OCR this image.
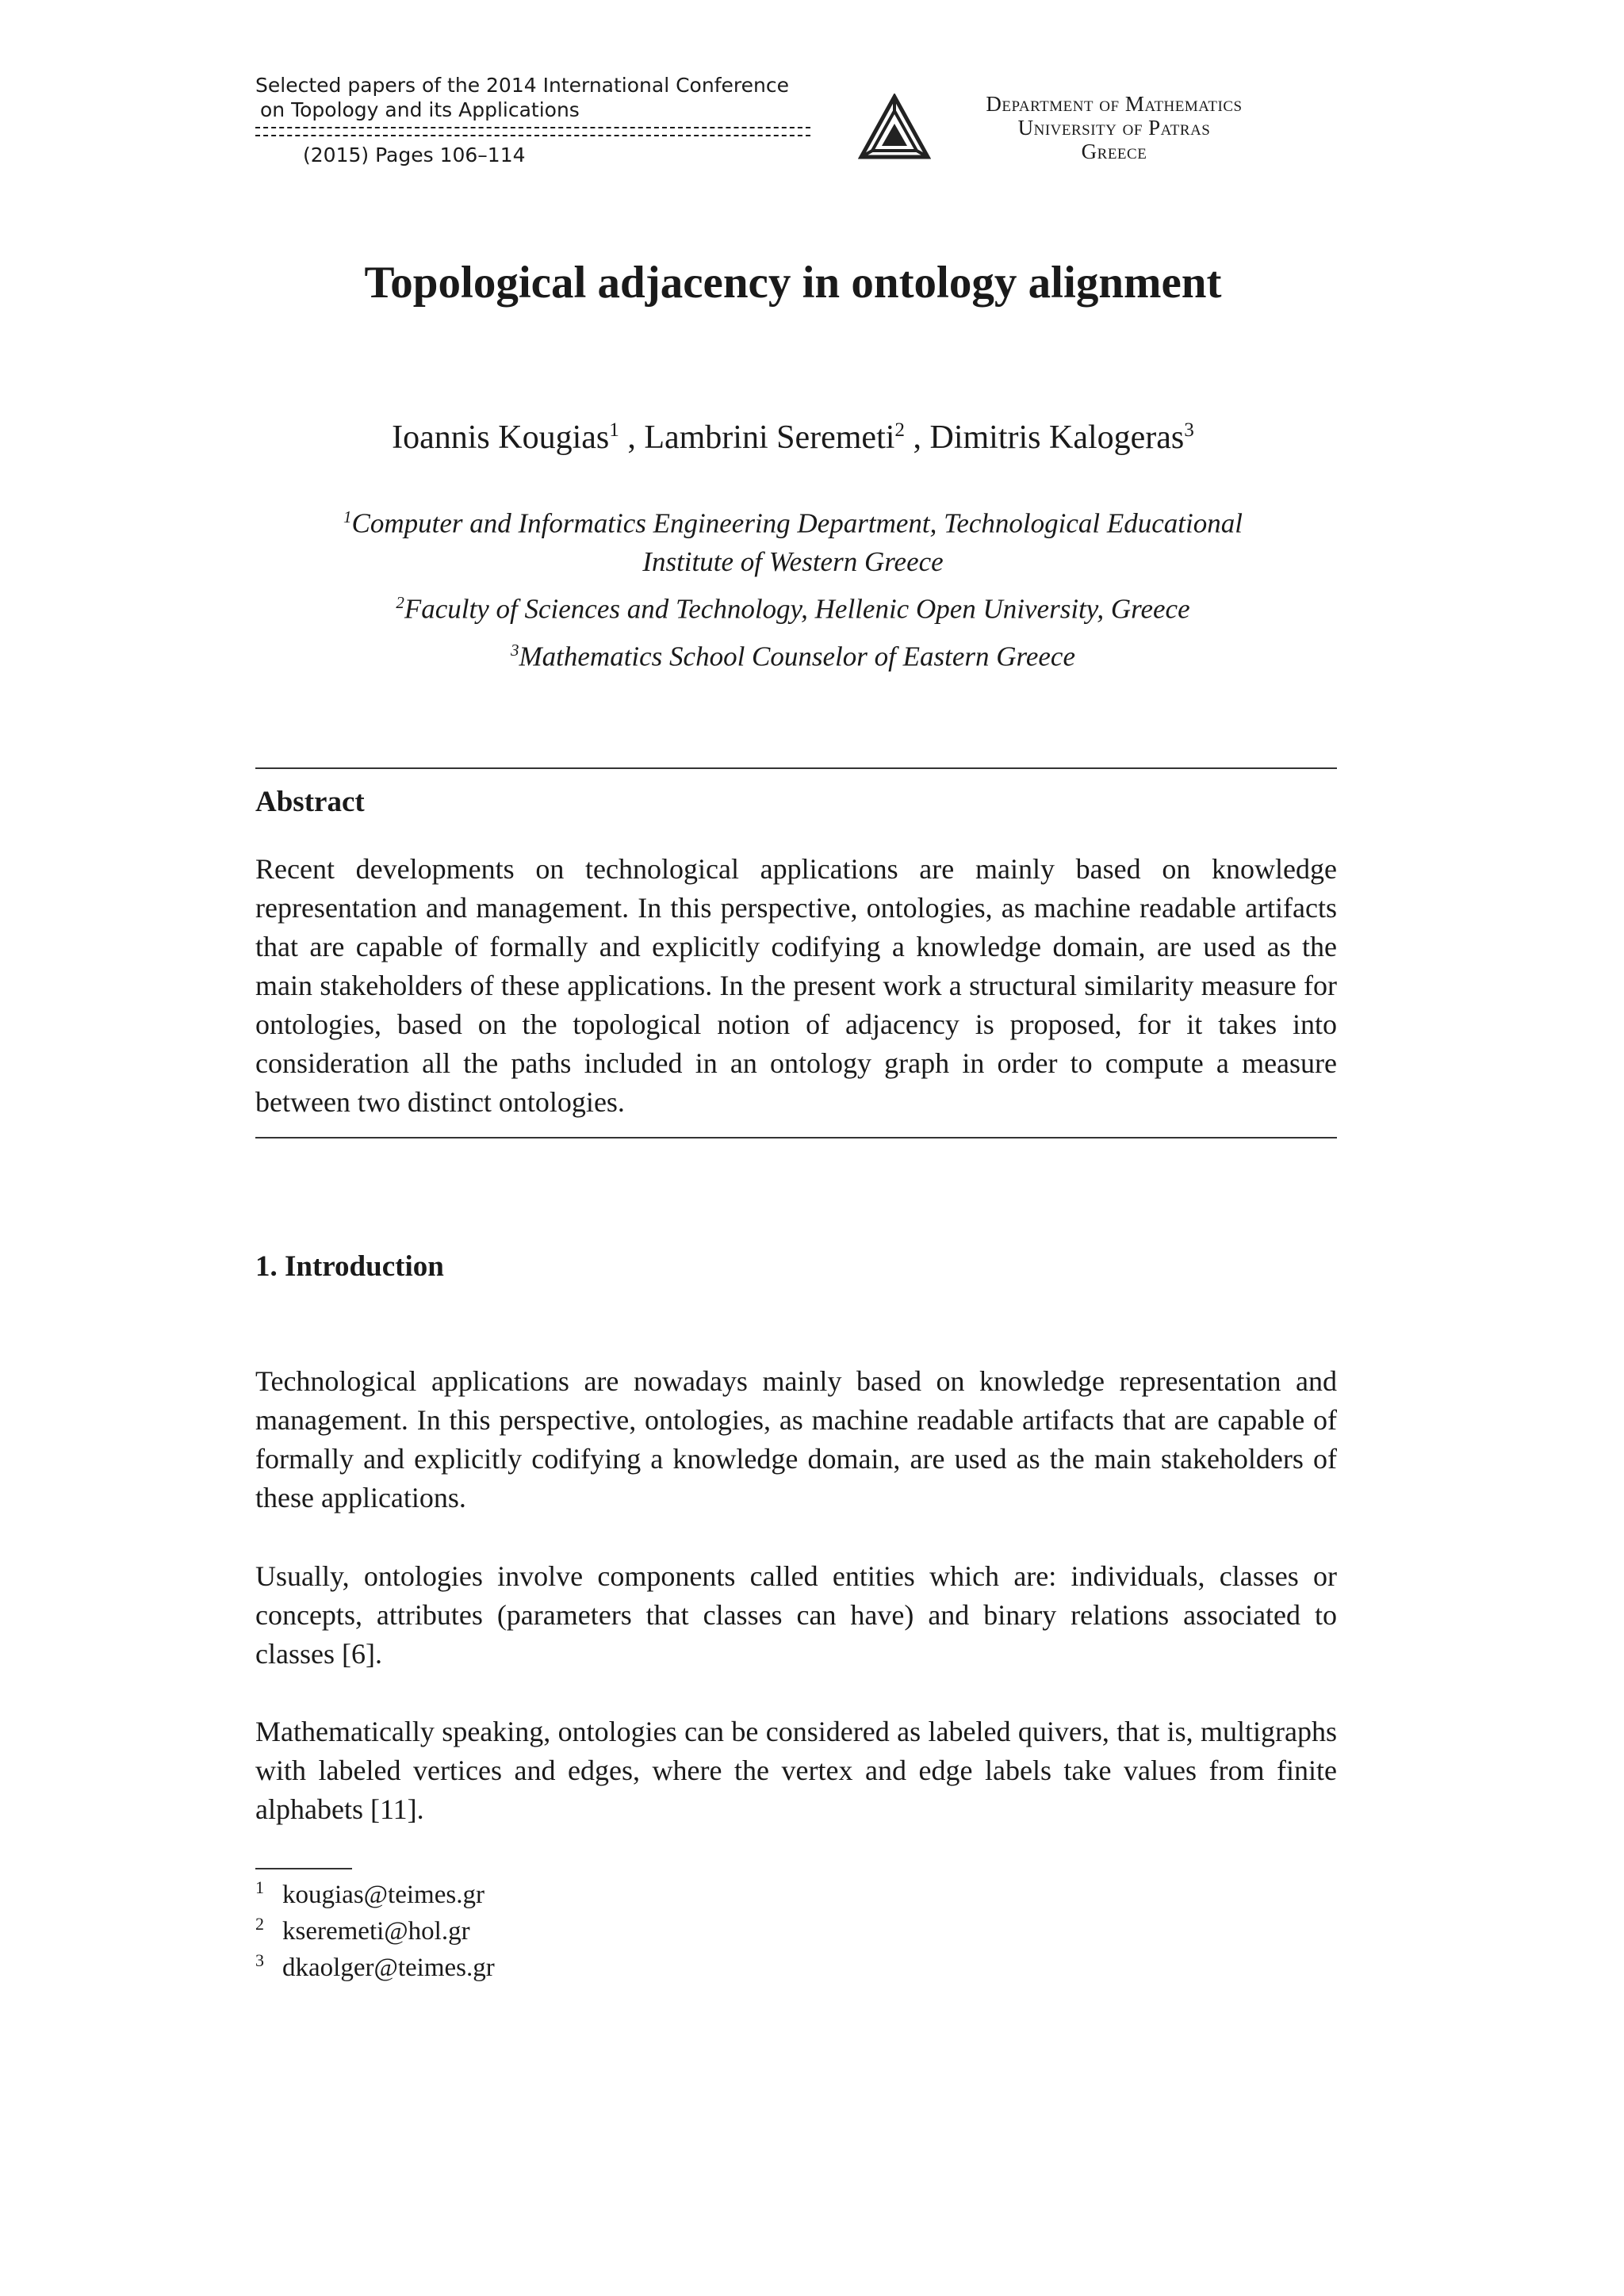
Selected papers of the 2014 International Conference
on Topology and its Applications
(2015) Pages 106–114
Department of Mathematics
University of Patras
Greece
Topological adjacency in ontology alignment
Ioannis Kougias$^1$ , Lambrini Seremeti$^2$ , Dimitris Kalogeras$^3$
$^1$Computer and Informatics Engineering Department, Technological Educational
Institute of Western Greece
$^2$Faculty of Sciences and Technology, Hellenic Open University, Greece
$^3$Mathematics School Counselor of Eastern Greece
Abstract
Recent developments on technological applications are mainly based on knowledge representation and management. In this perspective, ontologies, as machine readable artifacts that are capable of formally and explicitly codifying a knowledge domain, are used as the main stakeholders of these applications. In the present work a structural similarity measure for ontologies, based on the topological notion of adjacency is proposed, for it takes into consideration all the paths included in an ontology graph in order to compute a measure between two distinct ontologies.
1. Introduction
Technological applications are nowadays mainly based on knowledge representation and management. In this perspective, ontologies, as machine readable artifacts that are capable of formally and explicitly codifying a knowledge domain, are used as the main stakeholders of these applications.
Usually, ontologies involve components called entities which are: individuals, classes or concepts, attributes (parameters that classes can have) and binary relations associated to classes [6].
Mathematically speaking, ontologies can be considered as labeled quivers, that is, multigraphs with labeled vertices and edges, where the vertex and edge labels take values from finite alphabets [11].
1 kougias@teimes.gr
2 kseremeti@hol.gr
3 dkaolger@teimes.gr
